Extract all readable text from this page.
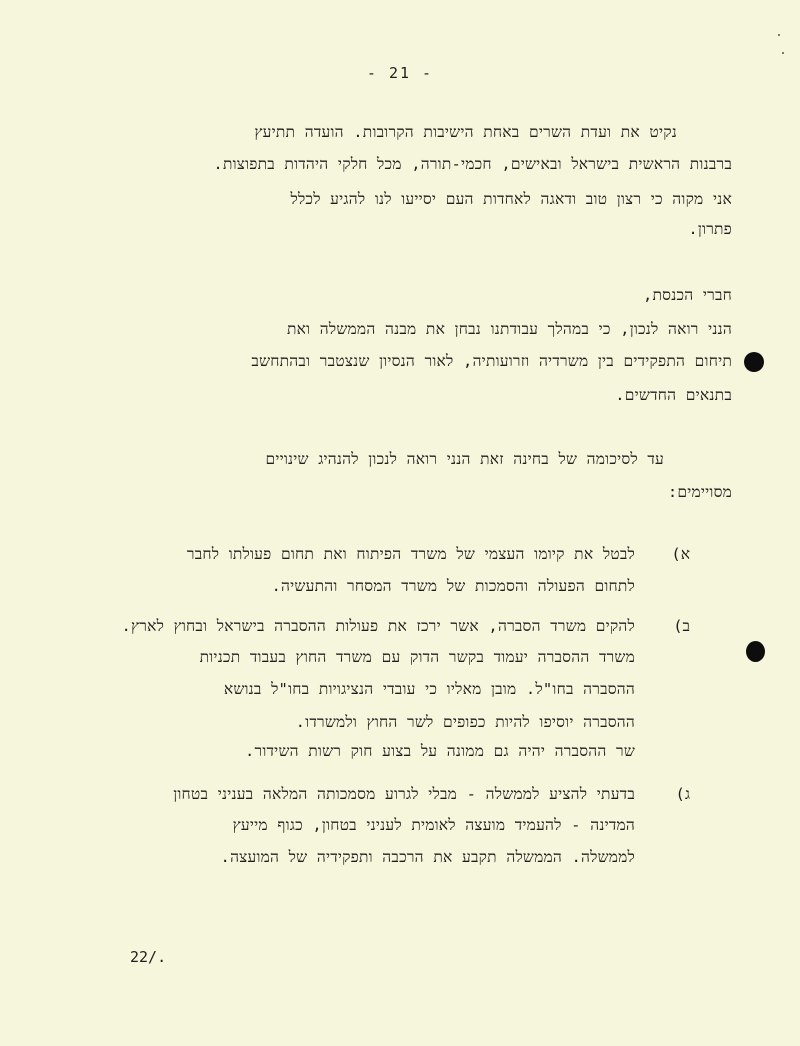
- 21 -
נקיט את ועדת השרים באחת הישיבות הקרובות. הועדה תתיעץ
ברבנות הראשית בישראל ובאישים, חכמי-תורה, מכל חלקי היהדות בתפוצות.
אני מקוה כי רצון טוב ודאגה לאחדות העם יסייעו לנו להגיע לכלל
פתרון.
חברי הכנסת,
הנני רואה לנכון, כי במהלך עבודתנו נבחן את מבנה הממשלה ואת
תיחום התפקידים בין משרדיה וזרועותיה, לאור הנסיון שנצטבר ובהתחשב
בתנאים החדשים.
עד לסיכומה של בחינה זאת הנני רואה לנכון להנהיג שינויים
מסויימים:
א)
לבטל את קיומו העצמי של משרד הפיתוח ואת תחום פעולתו לחבר
לתחום הפעולה והסמכות של משרד המסחר והתעשיה.
ב)
להקים משרד הסברה, אשר ירכז את פעולות ההסברה בישראל ובחוץ לארץ.
משרד ההסברה יעמוד בקשר הדוק עם משרד החוץ בעבוד תכניות
ההסברה בחו"ל. מובן מאליו כי עובדי הנציגויות בחו"ל בנושא
ההסברה יוסיפו להיות כפופים לשר החוץ ולמשרדו.
שר ההסברה יהיה גם ממונה על בצוע חוק רשות השידור.
ג)
בדעתי להציע לממשלה - מבלי לגרוע מסמכותה המלאה בעניני בטחון
המדינה - להעמיד מועצה לאומית לעניני בטחון, כגוף מייעץ
לממשלה. הממשלה תקבע את הרכבה ותפקידיה של המועצה.
22/.
